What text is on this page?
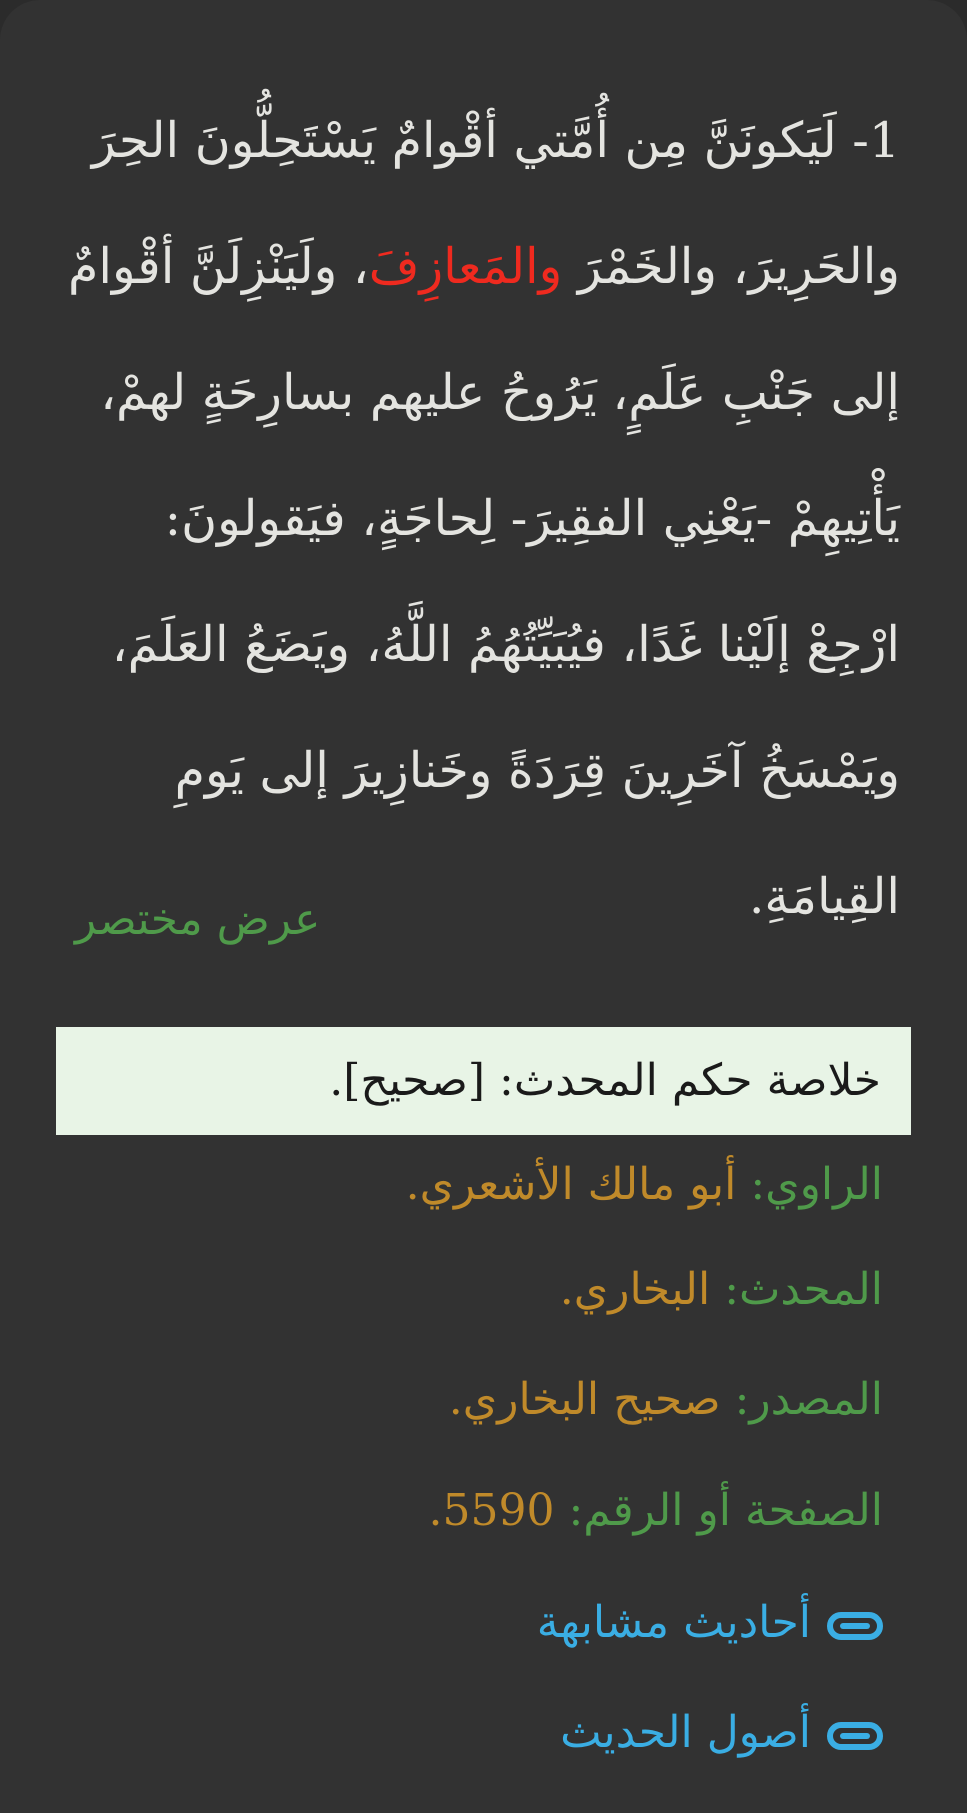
1- لَيَكونَنَّ مِن أُمَّتي أقْوامٌ يَسْتَحِلُّونَ الحِرَ والحَرِيرَ، والخَمْرَ والمَعازِفَ، ولَيَنْزِلَنَّ أقْوامٌ إلى جَنْبِ عَلَمٍ، يَرُوحُ عليهم بسارِحَةٍ لهمْ، يَأْتِيهِمْ -يَعْنِي الفقِيرَ- لِحاجَةٍ، فيَقولونَ: ارْجِعْ إلَيْنا غَدًا، فيُبَيِّتُهُمُ اللَّهُ، ويَضَعُ العَلَمَ، ويَمْسَخُ آخَرِينَ قِرَدَةً وخَنازِيرَ إلى يَومِ القِيامَةِ.
عرض مختصر
خلاصة حكم المحدث: [صحيح].
الراوي: أبو مالك الأشعري.
المحدث: البخاري.
المصدر: صحيح البخاري.
الصفحة أو الرقم: 5590.
أحاديث مشابهة
أصول الحديث
